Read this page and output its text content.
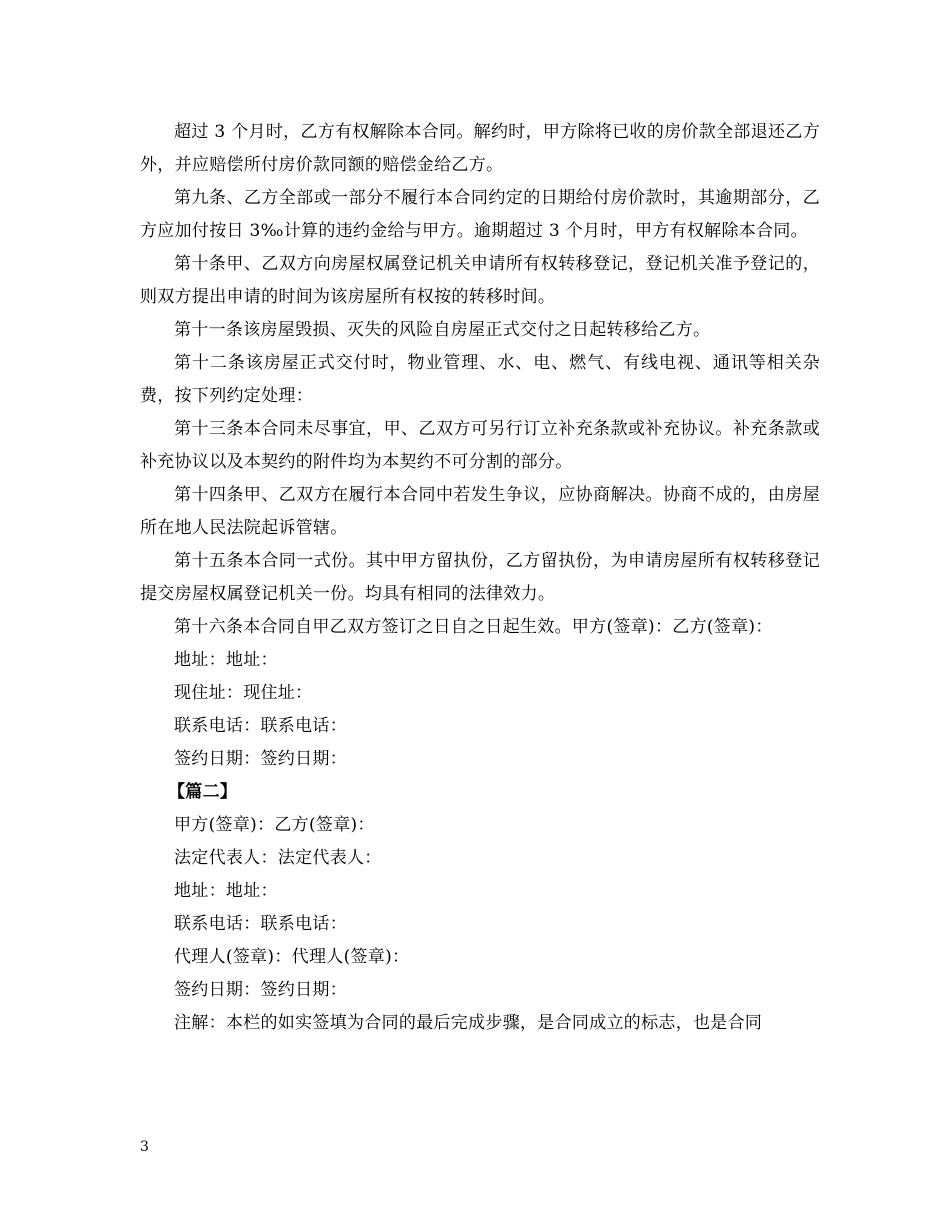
超过 3 个月时，乙方有权解除本合同。解约时，甲方除将已收的房价款全部退还乙方外，并应赔偿所付房价款同额的赔偿金给乙方。

第九条、乙方全部或一部分不履行本合同约定的日期给付房价款时，其逾期部分，乙方应加付按日 3‰计算的违约金给与甲方。逾期超过 3 个月时，甲方有权解除本合同。

第十条甲、乙双方向房屋权属登记机关申请所有权转移登记，登记机关准予登记的，则双方提出申请的时间为该房屋所有权按的转移时间。

第十一条该房屋毁损、灭失的风险自房屋正式交付之日起转移给乙方。

第十二条该房屋正式交付时，物业管理、水、电、燃气、有线电视、通讯等相关杂费，按下列约定处理：

第十三条本合同未尽事宜，甲、乙双方可另行订立补充条款或补充协议。补充条款或补充协议以及本契约的附件均为本契约不可分割的部分。

第十四条甲、乙双方在履行本合同中若发生争议，应协商解决。协商不成的，由房屋所在地人民法院起诉管辖。

第十五条本合同一式份。其中甲方留执份，乙方留执份，为申请房屋所有权转移登记提交房屋权属登记机关一份。均具有相同的法律效力。

第十六条本合同自甲乙双方签订之日自之日起生效。甲方(签章)：乙方(签章)：

地址：地址：

现住址：现住址：

联系电话：联系电话：

签约日期：签约日期：

【篇二】

甲方(签章)：乙方(签章)：

法定代表人：法定代表人：

地址：地址：

联系电话：联系电话：

代理人(签章)：代理人(签章)：

签约日期：签约日期：

注解：本栏的如实签填为合同的最后完成步骤，是合同成立的标志，也是合同

3
